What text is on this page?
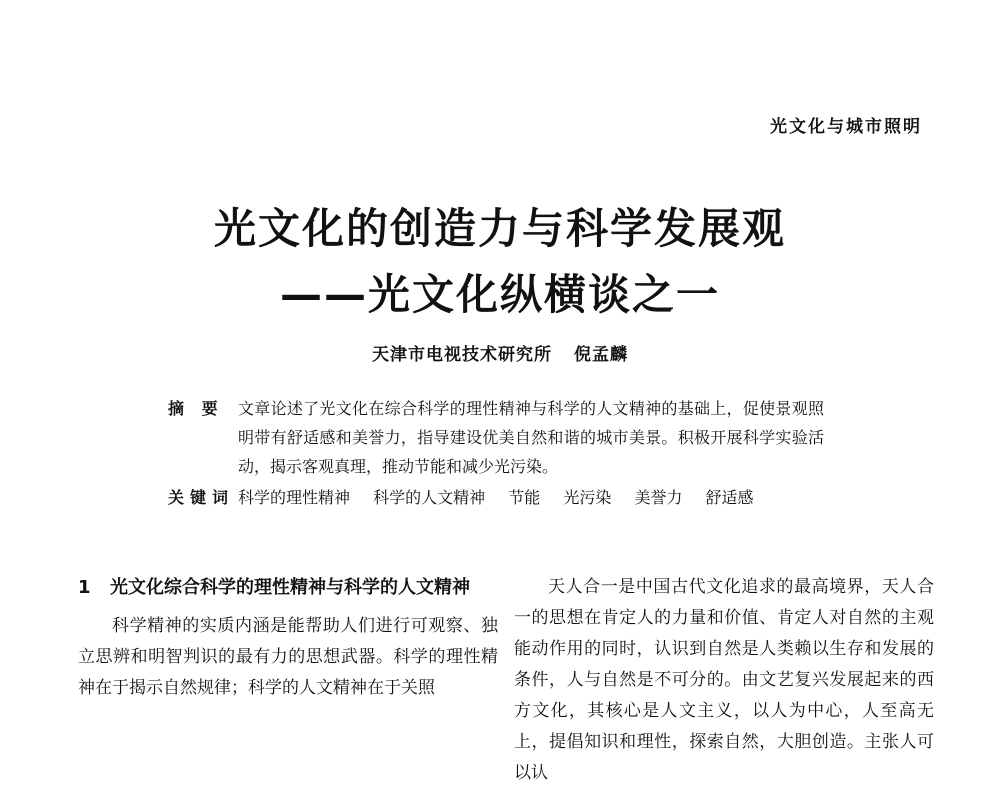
光文化与城市照明
光文化的创造力与科学发展观
——光文化纵横谈之一
天津市电视技术研究所 倪孟麟
摘 要 文章论述了光文化在综合科学的理性精神与科学的人文精神的基础上，促使景观照明带有舒适感和美誉力，指导建设优美自然和谐的城市美景。积极开展科学实验活动，揭示客观真理，推动节能和减少光污染。
关键词 科学的理性精神 科学的人文精神 节能 光污染 美誉力 舒适感
1	光文化综合科学的理性精神与科学的人文精神

科学精神的实质内涵是能帮助人们进行可观察、独立思辨和明智判识的最有力的思想武器。科学的理性精神在于揭示自然规律；科学的人文精神在于关照

天人合一是中国古代文化追求的最高境界，天人合一的思想在肯定人的力量和价值、肯定人对自然的主观能动作用的同时，认识到自然是人类赖以生存和发展的条件，人与自然是不可分的。由文艺复兴发展起来的西方文化，其核心是人文主义，以人为中心，人至高无上，提倡知识和理性，探索自然，大胆创造。主张人可以认
